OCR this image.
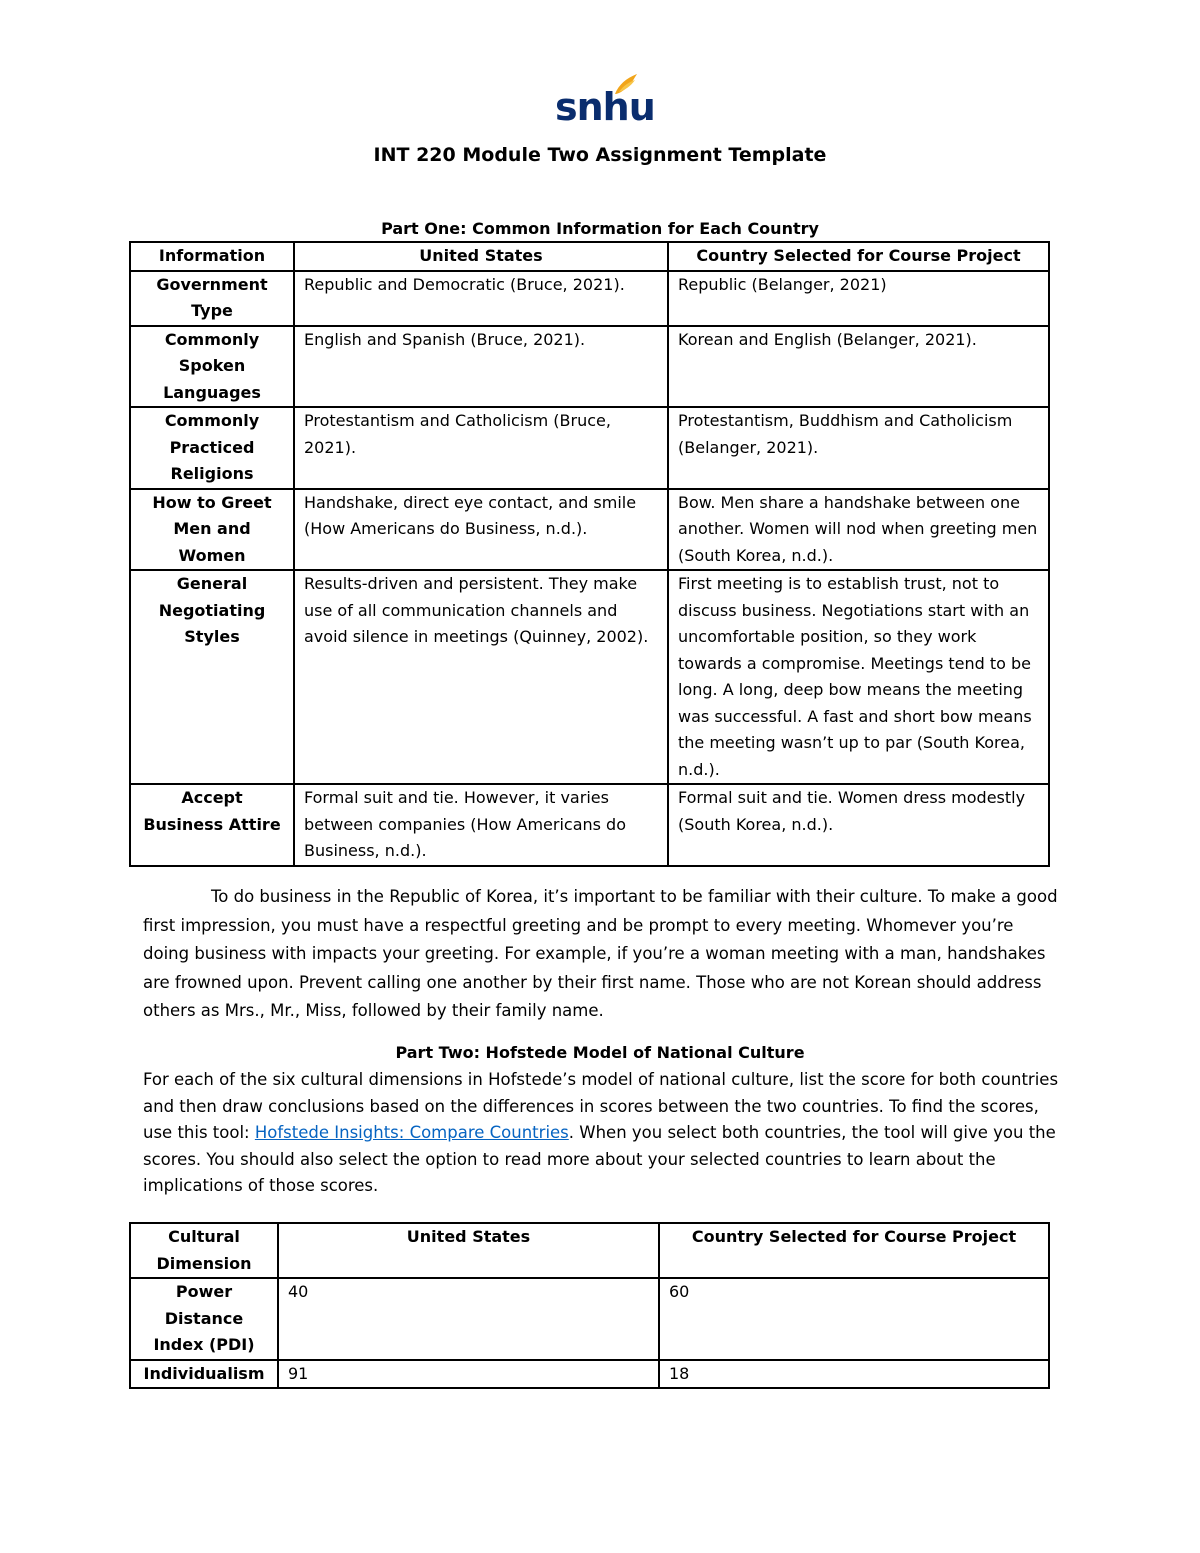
snhu
INT 220 Module Two Assignment Template
Part One: Common Information for Each Country
Information	United States	Country Selected for Course Project
Government Type	Republic and Democratic (Bruce, 2021).	Republic (Belanger, 2021)
Commonly Spoken Languages	English and Spanish (Bruce, 2021).	Korean and English (Belanger, 2021).
Commonly Practiced Religions	Protestantism and Catholicism (Bruce, 2021).	Protestantism, Buddhism and Catholicism (Belanger, 2021).
How to Greet Men and Women	Handshake, direct eye contact, and smile (How Americans do Business, n.d.).	Bow. Men share a handshake between one another. Women will nod when greeting men (South Korea, n.d.).
General Negotiating Styles	Results-driven and persistent. They make use of all communication channels and avoid silence in meetings (Quinney, 2002).	First meeting is to establish trust, not to discuss business. Negotiations start with an uncomfortable position, so they work towards a compromise. Meetings tend to be long. A long, deep bow means the meeting was successful. A fast and short bow means the meeting wasn’t up to par (South Korea, n.d.).
Accept Business Attire	Formal suit and tie. However, it varies between companies (How Americans do Business, n.d.).	Formal suit and tie. Women dress modestly (South Korea, n.d.).
To do business in the Republic of Korea, it’s important to be familiar with their culture. To make a good first impression, you must have a respectful greeting and be prompt to every meeting. Whomever you’re doing business with impacts your greeting. For example, if you’re a woman meeting with a man, handshakes are frowned upon. Prevent calling one another by their first name. Those who are not Korean should address others as Mrs., Mr., Miss, followed by their family name.
Part Two: Hofstede Model of National Culture
For each of the six cultural dimensions in Hofstede’s model of national culture, list the score for both countries and then draw conclusions based on the differences in scores between the two countries. To find the scores, use this tool: Hofstede Insights: Compare Countries. When you select both countries, the tool will give you the scores. You should also select the option to read more about your selected countries to learn about the implications of those scores.
Cultural Dimension	United States	Country Selected for Course Project
Power Distance Index (PDI)	40	60
Individualism	91	18
